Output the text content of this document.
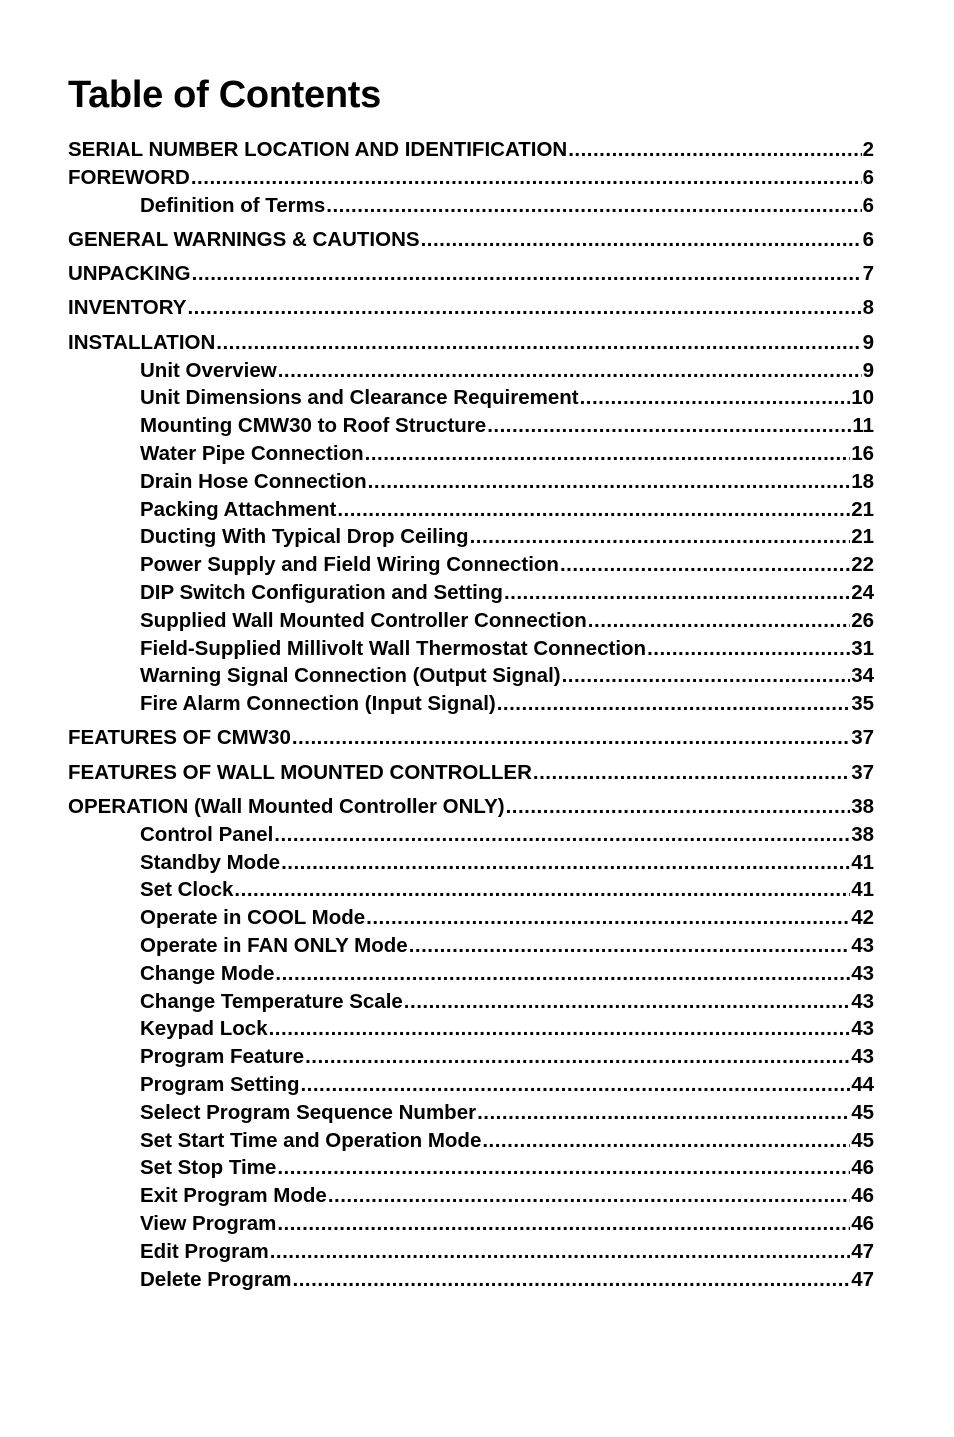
Table of Contents
SERIAL NUMBER LOCATION AND IDENTIFICATION .....	2
FOREWORD .....	6
Definition of Terms .....	6
GENERAL WARNINGS & CAUTIONS .....	6
UNPACKING .....	7
INVENTORY .....	8
INSTALLATION .....	9
Unit Overview .....	9
Unit Dimensions and Clearance Requirement .....	10
Mounting CMW30 to Roof Structure .....	11
Water Pipe Connection .....	16
Drain Hose Connection .....	18
Packing Attachment .....	21
Ducting With Typical Drop Ceiling .....	21
Power Supply and Field Wiring Connection .....	22
DIP Switch Configuration and Setting .....	24
Supplied Wall Mounted Controller Connection .....	26
Field-Supplied Millivolt Wall Thermostat Connection .....	31
Warning Signal Connection (Output Signal) .....	34
Fire Alarm Connection (Input Signal) .....	35
FEATURES OF CMW30 .....	37
FEATURES OF WALL MOUNTED CONTROLLER .....	37
OPERATION (Wall Mounted Controller ONLY) .....	38
Control Panel .....	38
Standby Mode .....	41
Set Clock .....	41
Operate in COOL Mode .....	42
Operate in FAN ONLY Mode .....	43
Change Mode .....	43
Change Temperature Scale .....	43
Keypad Lock .....	43
Program Feature .....	43
Program Setting .....	44
Select Program Sequence Number .....	45
Set Start Time and Operation Mode .....	45
Set Stop Time .....	46
Exit Program Mode .....	46
View Program .....	46
Edit Program .....	47
Delete Program .....	47
